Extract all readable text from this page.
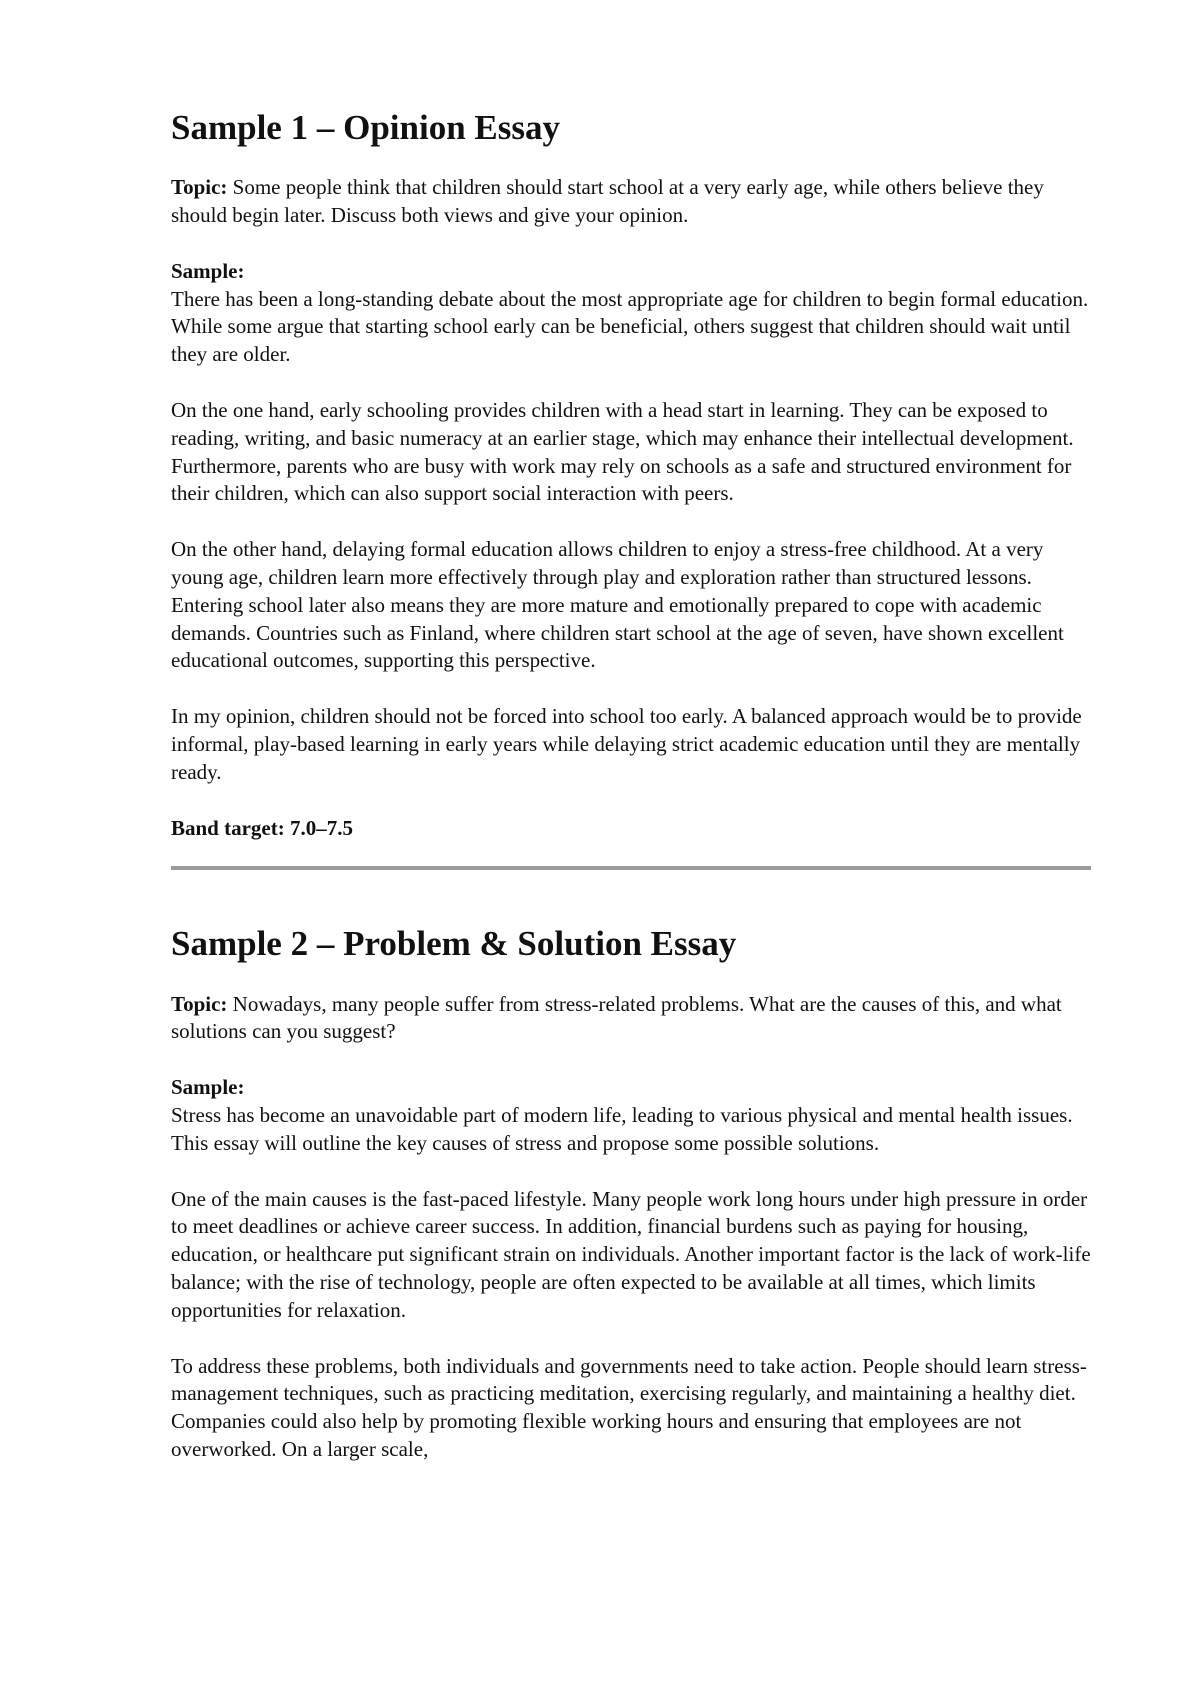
Sample 1 – Opinion Essay

Topic: Some people think that children should start school at a very early age, while others believe they should begin later. Discuss both views and give your opinion.

Sample:

There has been a long-standing debate about the most appropriate age for children to begin formal education. While some argue that starting school early can be beneficial, others suggest that children should wait until they are older.

On the one hand, early schooling provides children with a head start in learning. They can be exposed to reading, writing, and basic numeracy at an earlier stage, which may enhance their intellectual development. Furthermore, parents who are busy with work may rely on schools as a safe and structured environment for their children, which can also support social interaction with peers.

On the other hand, delaying formal education allows children to enjoy a stress-free childhood. At a very young age, children learn more effectively through play and exploration rather than structured lessons. Entering school later also means they are more mature and emotionally prepared to cope with academic demands. Countries such as Finland, where children start school at the age of seven, have shown excellent educational outcomes, supporting this perspective.

In my opinion, children should not be forced into school too early. A balanced approach would be to provide informal, play-based learning in early years while delaying strict academic education until they are mentally ready.

Band target: 7.0–7.5

Sample 2 – Problem & Solution Essay

Topic: Nowadays, many people suffer from stress-related problems. What are the causes of this, and what solutions can you suggest?

Sample:

Stress has become an unavoidable part of modern life, leading to various physical and mental health issues. This essay will outline the key causes of stress and propose some possible solutions.

One of the main causes is the fast-paced lifestyle. Many people work long hours under high pressure in order to meet deadlines or achieve career success. In addition, financial burdens such as paying for housing, education, or healthcare put significant strain on individuals. Another important factor is the lack of work-life balance; with the rise of technology, people are often expected to be available at all times, which limits opportunities for relaxation.

To address these problems, both individuals and governments need to take action. People should learn stress-management techniques, such as practicing meditation, exercising regularly, and maintaining a healthy diet. Companies could also help by promoting flexible working hours and ensuring that employees are not overworked. On a larger scale,
